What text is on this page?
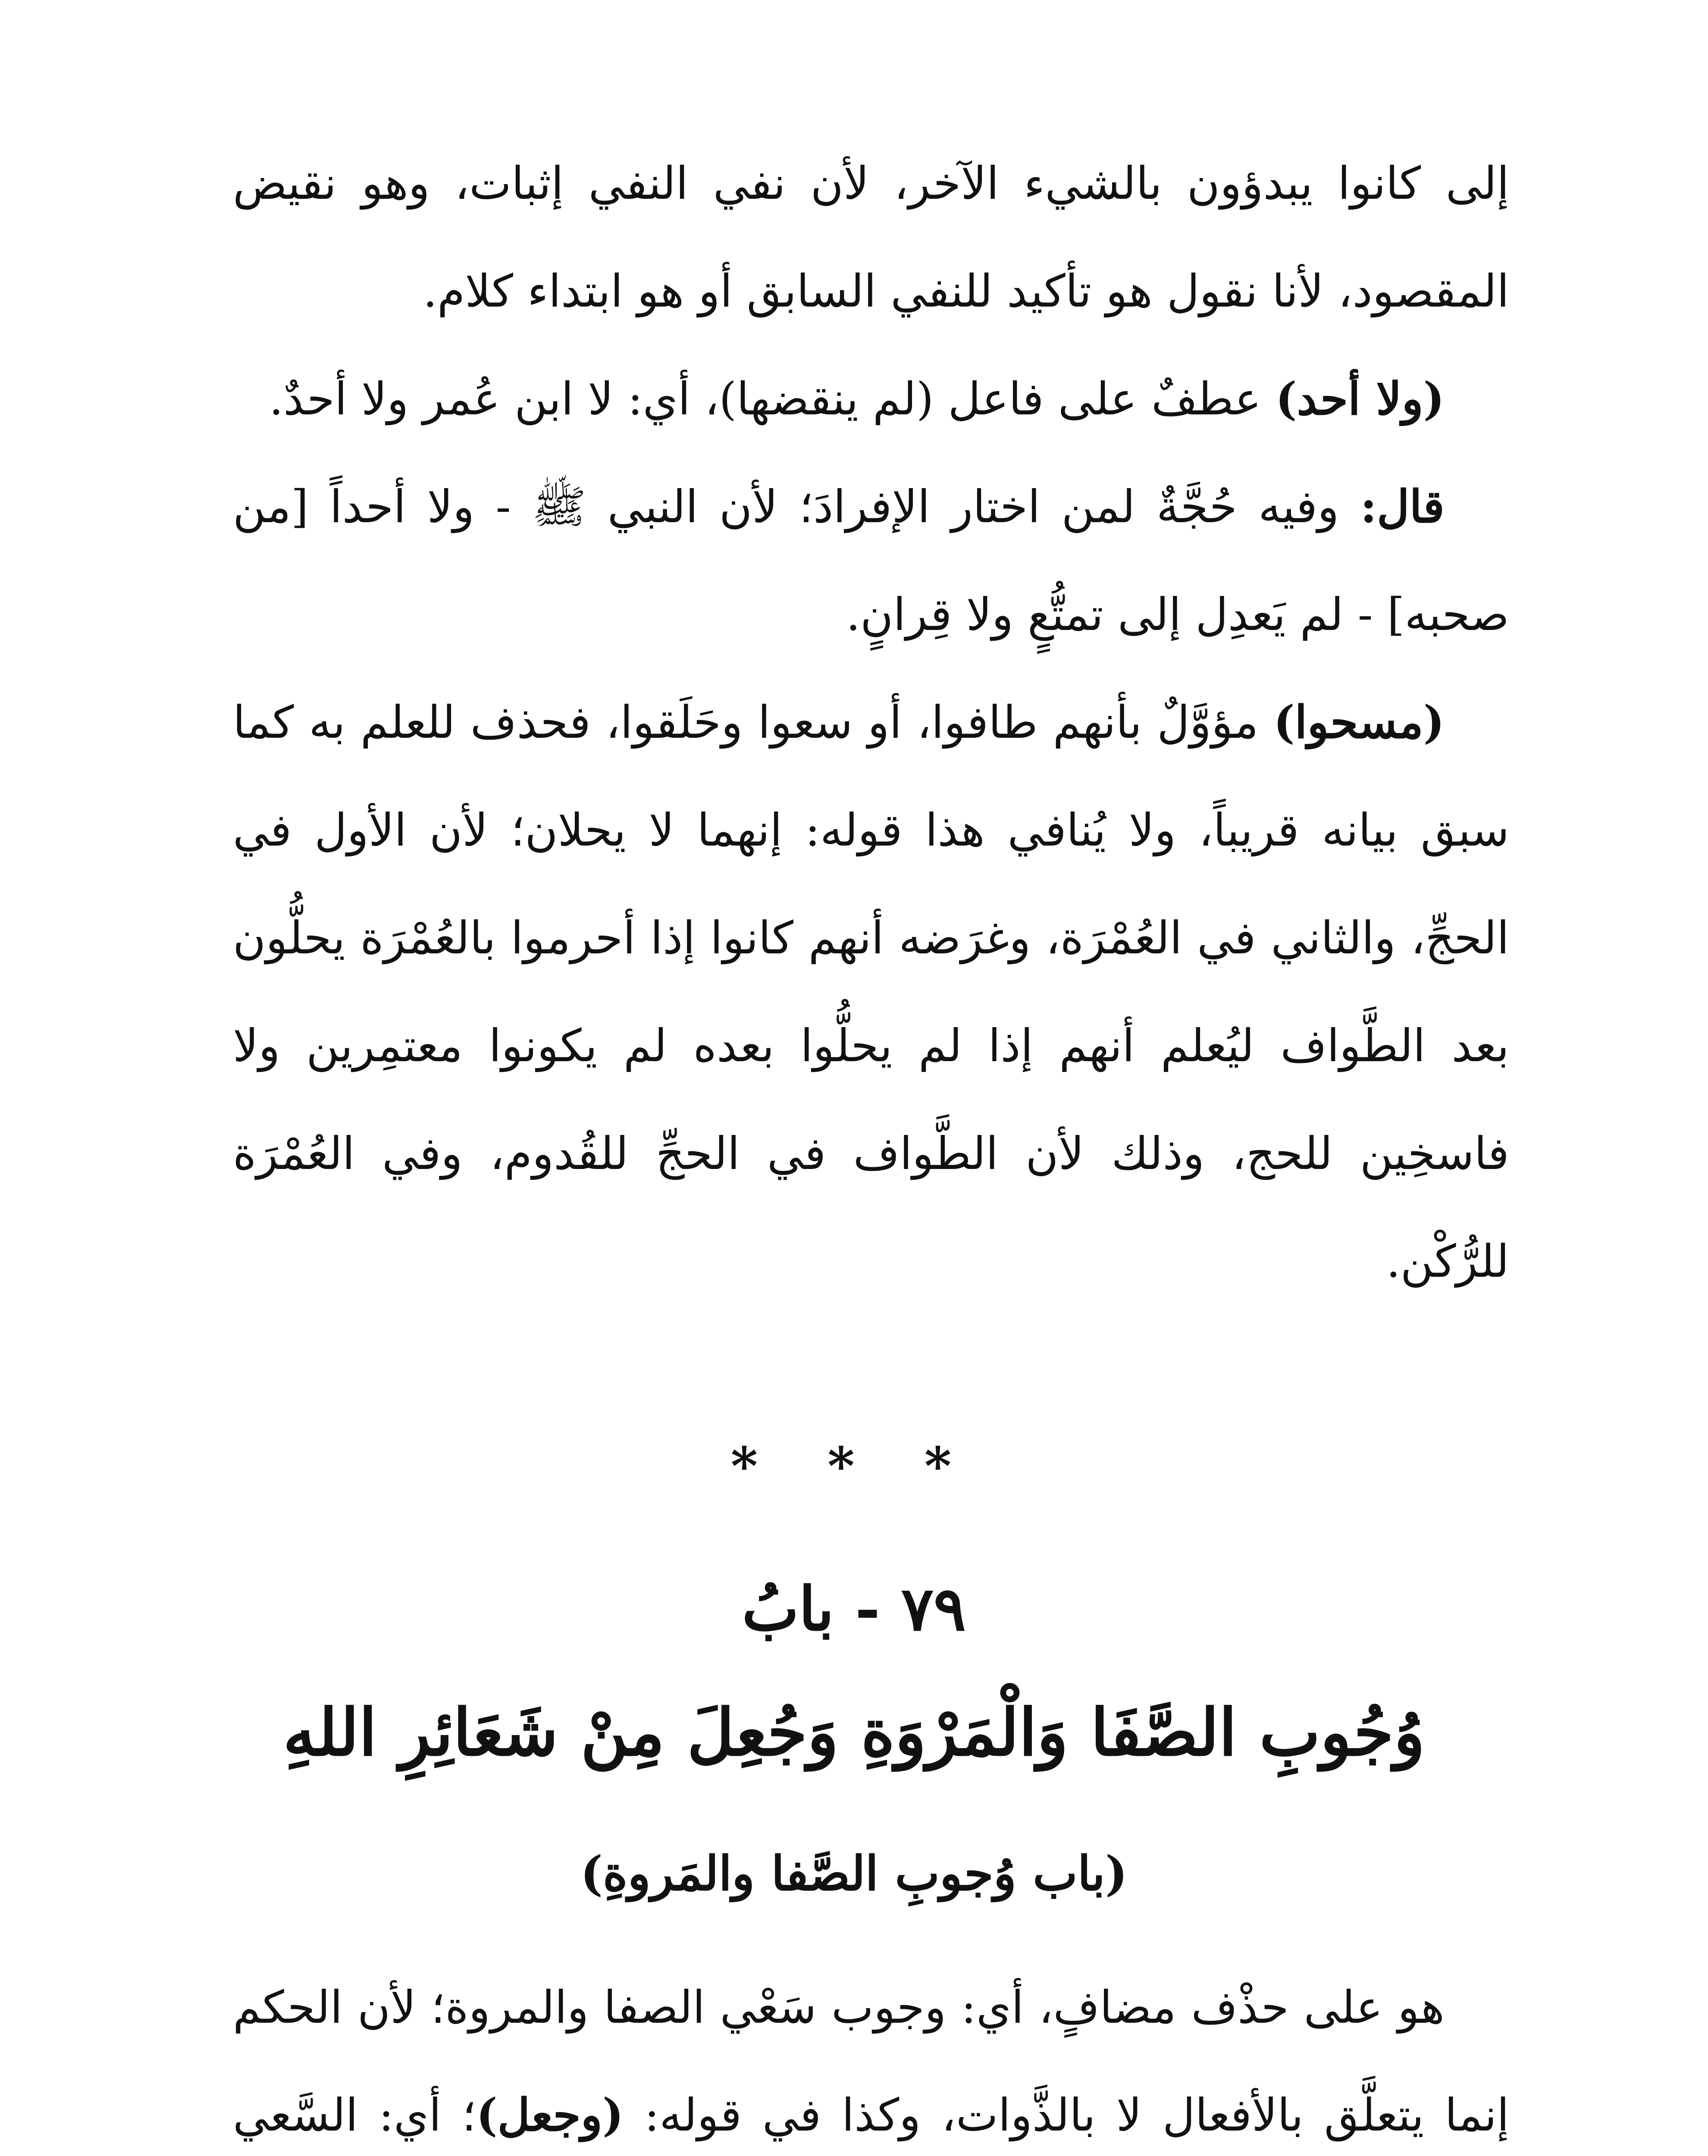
إلى كانوا يبدؤون بالشيء الآخر، لأن نفي النفي إثبات، وهو نقيض المقصود، لأنا نقول هو تأكيد للنفي السابق أو هو ابتداء كلام.

(ولا أحد) عطفٌ على فاعل (لم ينقضها)، أي: لا ابن عُمر ولا أحدٌ.

قال: وفيه حُجَّةٌ لمن اختار الإفرادَ؛ لأن النبي ﷺ - ولا أحداً [من صحبه] - لم يَعدِل إلى تمتُّعٍ ولا قِرانٍ.

(مسحوا) مؤوَّلٌ بأنهم طافوا، أو سعوا وحَلَقوا، فحذف للعلم به كما سبق بيانه قريباً، ولا يُنافي هذا قوله: إنهما لا يحلان؛ لأن الأول في الحجِّ، والثاني في العُمْرَة، وغرَضه أنهم كانوا إذا أحرموا بالعُمْرَة يحلُّون بعد الطَّواف ليُعلم أنهم إذا لم يحلُّوا بعده لم يكونوا معتمِرين ولا فاسخِين للحج، وذلك لأن الطَّواف في الحجِّ للقُدوم، وفي العُمْرَة للرُّكْن.

* * *
٧٩ - بابُ
وُجُوبِ الصَّفَا وَالْمَرْوَةِ وَجُعِلَ مِنْ شَعَائِرِ اللهِ
(باب وُجوبِ الصَّفا والمَروةِ)

هو على حذْف مضافٍ، أي: وجوب سَعْي الصفا والمروة؛ لأن الحكم إنما يتعلَّق بالأفعال لا بالذَّوات، وكذا في قوله: (وجعل)؛ أي: السَّعي
